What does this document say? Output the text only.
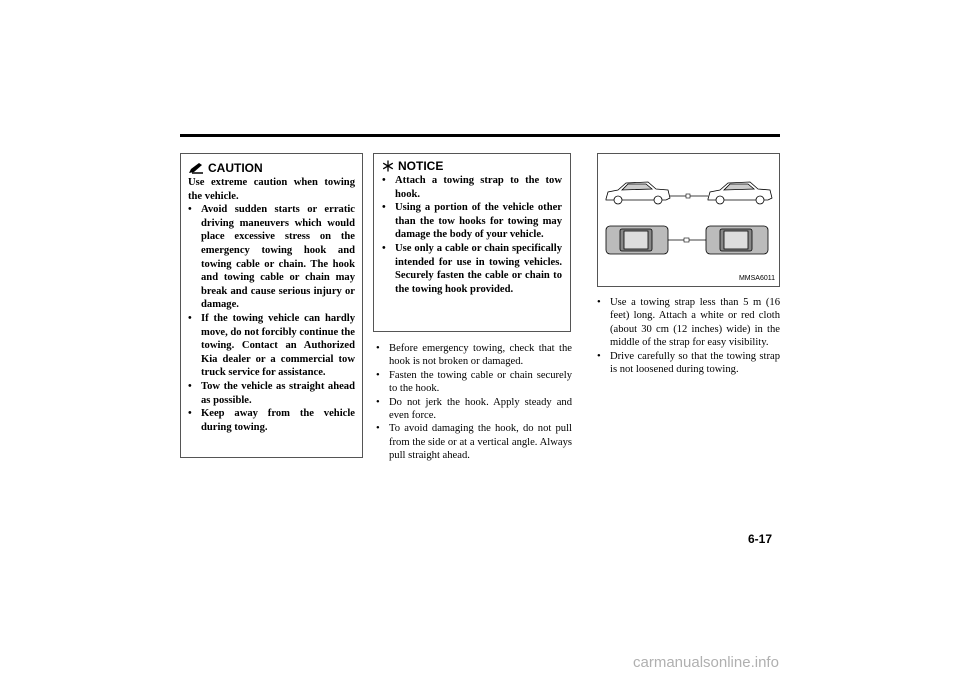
CAUTION

Use extreme caution when towing the vehicle.

• Avoid sudden starts or erratic driving maneuvers which would place excessive stress on the emergency towing hook and towing cable or chain. The hook and towing cable or chain may break and cause serious injury or damage.
• If the towing vehicle can hardly move, do not forcibly continue the towing. Contact an Authorized Kia dealer or a commercial tow truck service for assistance.
• Tow the vehicle as straight ahead as possible.
• Keep away from the vehicle during towing.
NOTICE
• Attach a towing strap to the tow hook.
• Using a portion of the vehicle other than the tow hooks for towing may damage the body of your vehicle.
• Use only a cable or chain specifically intended for use in towing vehicles. Securely fasten the cable or chain to the towing hook provided.
• Before emergency towing, check that the hook is not broken or damaged.
• Fasten the towing cable or chain securely to the hook.
• Do not jerk the hook. Apply steady and even force.
• To avoid damaging the hook, do not pull from the side or at a vertical angle. Always pull straight ahead.
MMSA6011
• Use a towing strap less than 5 m (16 feet) long. Attach a white or red cloth (about 30 cm (12 inches) wide) in the middle of the strap for easy visibility.
• Drive carefully so that the towing strap is not loosened during towing.
6-17
carmanualsonline.info
